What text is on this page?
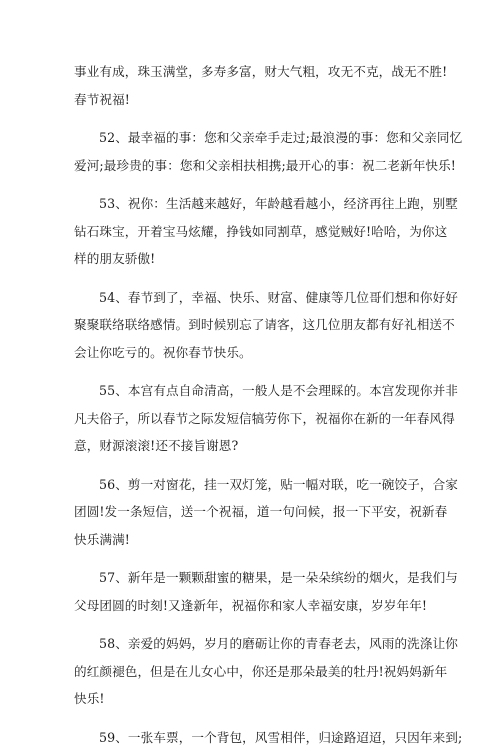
事业有成，珠玉满堂，多寿多富，财大气粗，攻无不克，战无不胜!
春节祝福!

52、最幸福的事：您和父亲牵手走过;最浪漫的事：您和父亲同忆
爱河;最珍贵的事：您和父亲相扶相携;最开心的事：祝二老新年快乐!

53、祝你：生活越来越好，年龄越看越小，经济再往上跑，别墅
钻石珠宝，开着宝马炫耀，挣钱如同割草，感觉贼好!哈哈，为你这
样的朋友骄傲!

54、春节到了，幸福、快乐、财富、健康等几位哥们想和你好好
聚聚联络联络感情。到时候别忘了请客，这几位朋友都有好礼相送不
会让你吃亏的。祝你春节快乐。

55、本宫有点自命清高，一般人是不会理睬的。本宫发现你并非
凡夫俗子，所以春节之际发短信犒劳你下，祝福你在新的一年春风得
意，财源滚滚!还不接旨谢恩?

56、剪一对窗花，挂一双灯笼，贴一幅对联，吃一碗饺子，合家
团圆!发一条短信，送一个祝福，道一句问候，报一下平安，祝新春
快乐满满!

57、新年是一颗颗甜蜜的糖果，是一朵朵缤纷的烟火，是我们与
父母团圆的时刻!又逢新年，祝福你和家人幸福安康，岁岁年年!

58、亲爱的妈妈，岁月的磨砺让你的青春老去，风雨的洗涤让你
的红颜褪色，但是在儿女心中，你还是那朵最美的牡丹!祝妈妈新年
快乐!

59、一张车票，一个背包，风雪相伴，归途路迢迢，只因年来到;
